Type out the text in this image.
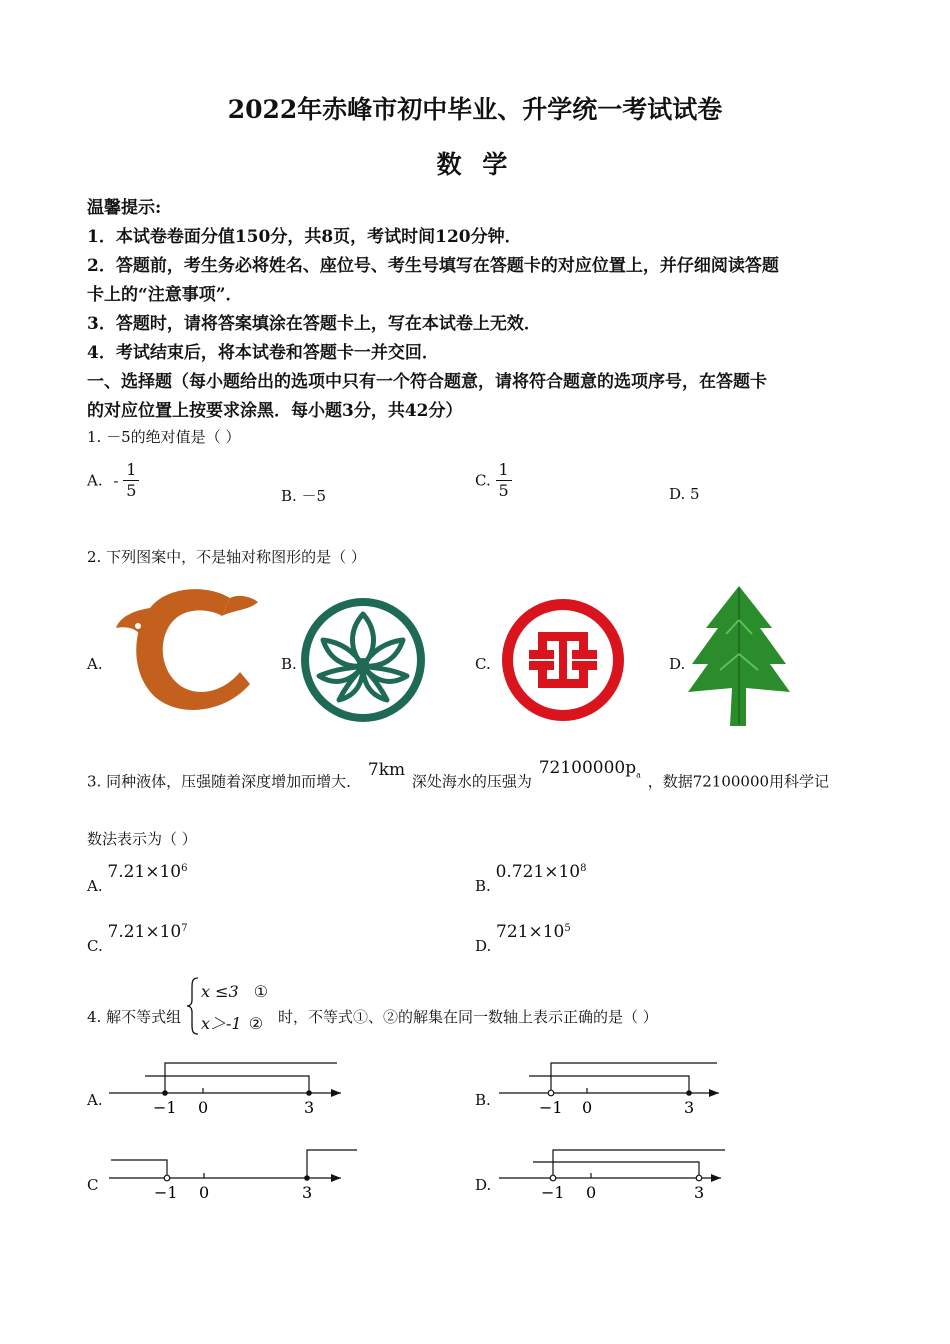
2022年赤峰市初中毕业、升学统一考试试卷
数 学
温馨提示:
1．本试卷卷面分值150分，共8页，考试时间120分钟．
2．答题前，考生务必将姓名、座位号、考生号填写在答题卡的对应位置上，并仔细阅读答题
卡上的“注意事项”．
3．答题时，请将答案填涂在答题卡上，写在本试卷上无效．
4．考试结束后，将本试卷和答题卡一并交回．
一、选择题（每小题给出的选项中只有一个符合题意，请将符合题意的选项序号，在答题卡
的对应位置上按要求涂黑．每小题3分，共42分）
1. －5的绝对值是（ ）
A. - $\frac{1}{5}$	B. －5
C. $\frac{1}{5}$	D. 5
2. 下列图案中，不是轴对称图形的是（ ）
A.	B.	C.	D.
3. 同种液体，压强随着深度增加而增大． 7km 深处海水的压强为 $72100000p_a$ ，数据72100000用科学记
数法表示为（ ）
A. $7.21\times 10^6$
B. $0.721\times 10^8$
C. $7.21\times 10^7$
D. $721\times 10^5$
4. 解不等式组
x ≤3 ①
x＞-1 ② 时，不等式①、②的解集在同一数轴上表示正确的是（ ）
A.	−1 0	3	B.	−1 0	3
C	−1 0	3	D.	−1 0	3
